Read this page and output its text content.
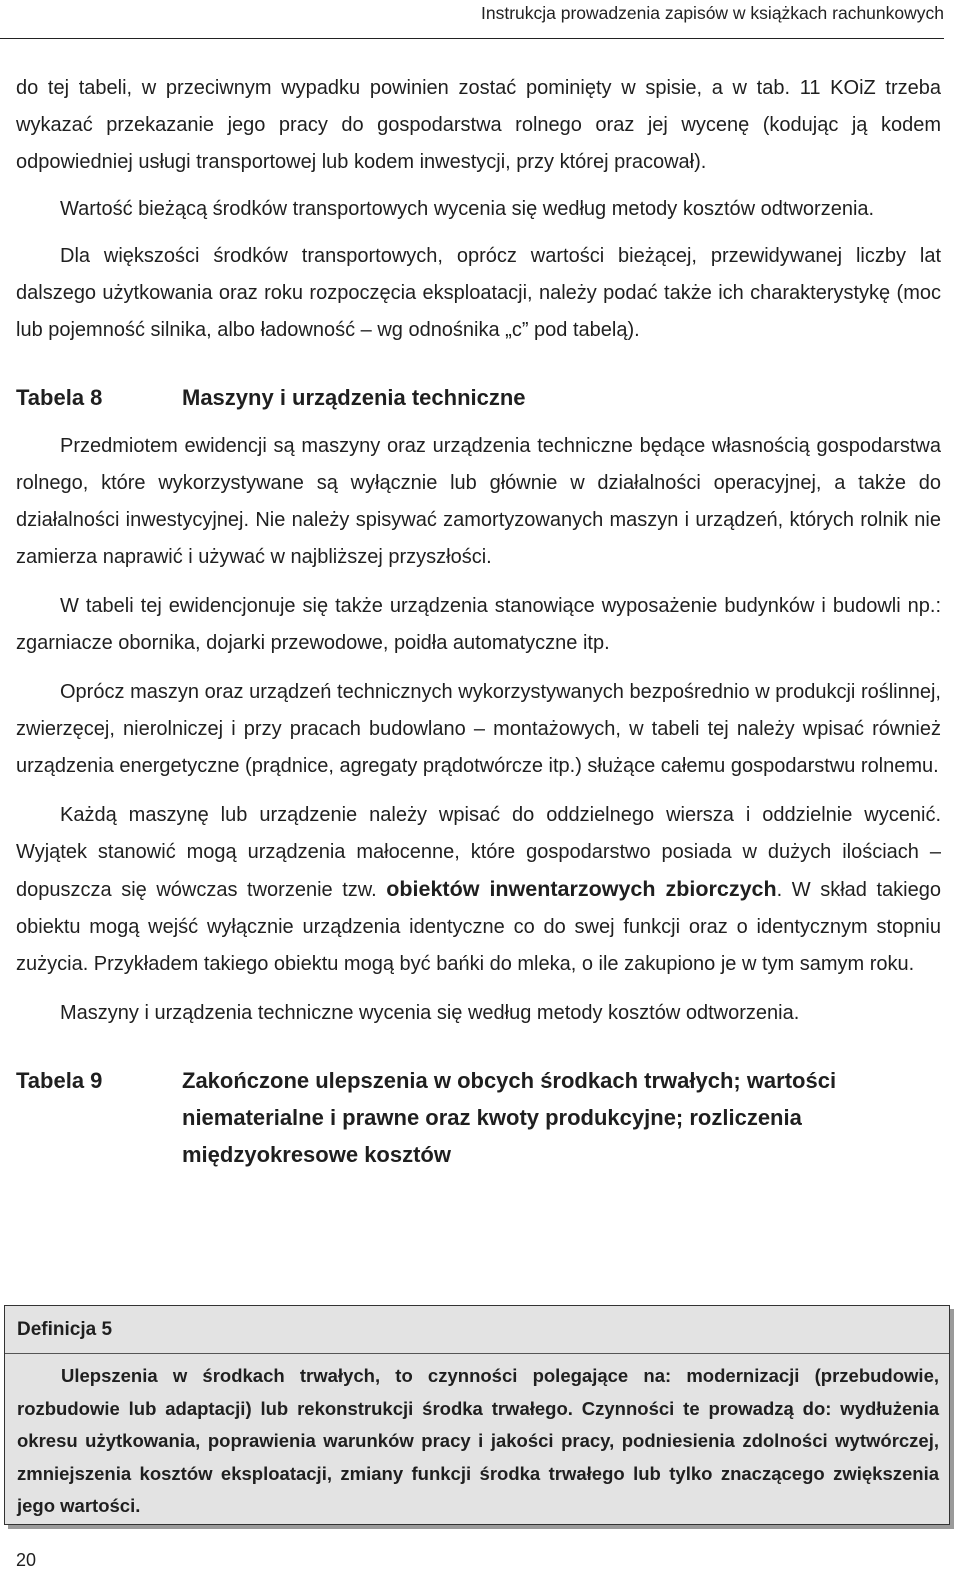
Instrukcja prowadzenia zapisów w książkach rachunkowych

do tej tabeli, w przeciwnym wypadku powinien zostać pominięty w spisie, a w tab. 11 KOiZ trzeba wykazać przekazanie jego pracy do gospodarstwa rolnego oraz jej wycenę (kodując ją kodem odpowiedniej usługi transportowej lub kodem inwestycji, przy której pracował).

Wartość bieżącą środków transportowych wycenia się według metody kosztów odtworzenia.

Dla większości środków transportowych, oprócz wartości bieżącej, przewidywanej liczby lat dalszego użytkowania oraz roku rozpoczęcia eksploatacji, należy podać także ich charakterystykę (moc lub pojemność silnika, albo ładowność – wg odnośnika „c” pod tabelą).

Tabela 8	Maszyny i urządzenia techniczne

Przedmiotem ewidencji są maszyny oraz urządzenia techniczne będące własnością gospodarstwa rolnego, które wykorzystywane są wyłącznie lub głównie w działalności operacyjnej, a także do działalności inwestycyjnej. Nie należy spisywać zamortyzowanych maszyn i urządzeń, których rolnik nie zamierza naprawić i używać w najbliższej przyszłości.

W tabeli tej ewidencjonuje się także urządzenia stanowiące wyposażenie budynków i budowli np.: zgarniacze obornika, dojarki przewodowe, poidła automatyczne itp.

Oprócz maszyn oraz urządzeń technicznych wykorzystywanych bezpośrednio w produkcji roślinnej, zwierzęcej, nierolniczej i przy pracach budowlano – montażowych, w tabeli tej należy wpisać również urządzenia energetyczne (prądnice, agregaty prądotwórcze itp.) służące całemu gospodarstwu rolnemu.

Każdą maszynę lub urządzenie należy wpisać do oddzielnego wiersza i oddzielnie wycenić. Wyjątek stanowić mogą urządzenia małocenne, które gospodarstwo posiada w dużych ilościach – dopuszcza się wówczas tworzenie tzw. obiektów inwentarzowych zbiorczych. W skład takiego obiektu mogą wejść wyłącznie urządzenia identyczne co do swej funkcji oraz o identycznym stopniu zużycia. Przykładem takiego obiektu mogą być bańki do mleka, o ile zakupiono je w tym samym roku.

Maszyny i urządzenia techniczne wycenia się według metody kosztów odtworzenia.

Tabela 9	Zakończone ulepszenia w obcych środkach trwałych; wartości niematerialne i prawne oraz kwoty produkcyjne; rozliczenia międzyokresowe kosztów
Definicja 5

Ulepszenia w środkach trwałych, to czynności polegające na: modernizacji (przebudowie, rozbudowie lub adaptacji) lub rekonstrukcji środka trwałego. Czynności te prowadzą do: wydłużenia okresu użytkowania, poprawienia warunków pracy i jakości pracy, podniesienia zdolności wytwórczej, zmniejszenia kosztów eksploatacji, zmiany funkcji środka trwałego lub tylko znaczącego zwiększenia jego wartości.

20
